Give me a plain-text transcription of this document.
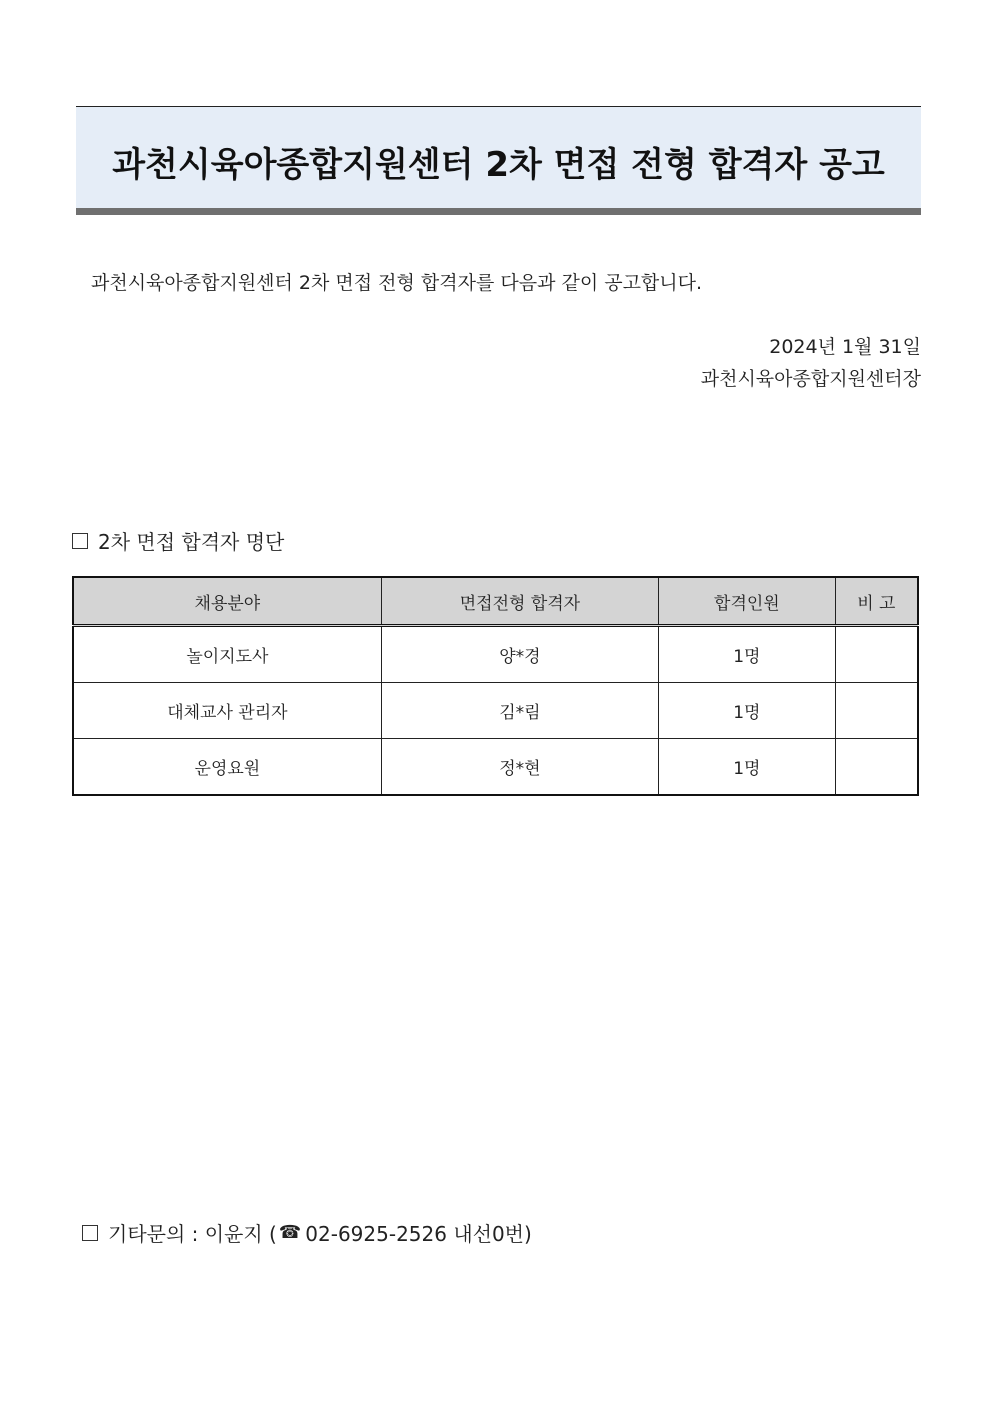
과천시육아종합지원센터 2차 면접 전형 합격자 공고
과천시육아종합지원센터 2차 면접 전형 합격자를 다음과 같이 공고합니다.
2024년 1월 31일
과천시육아종합지원센터장
2차 면접 합격자 명단
채용분야	면접전형 합격자	합격인원	비 고
놀이지도사	양*경	1명	
대체교사 관리자	김*림	1명	
운영요원	정*현	1명	
기타문의 : 이윤지 ( ☎ 02-6925-2526 내선0번)
